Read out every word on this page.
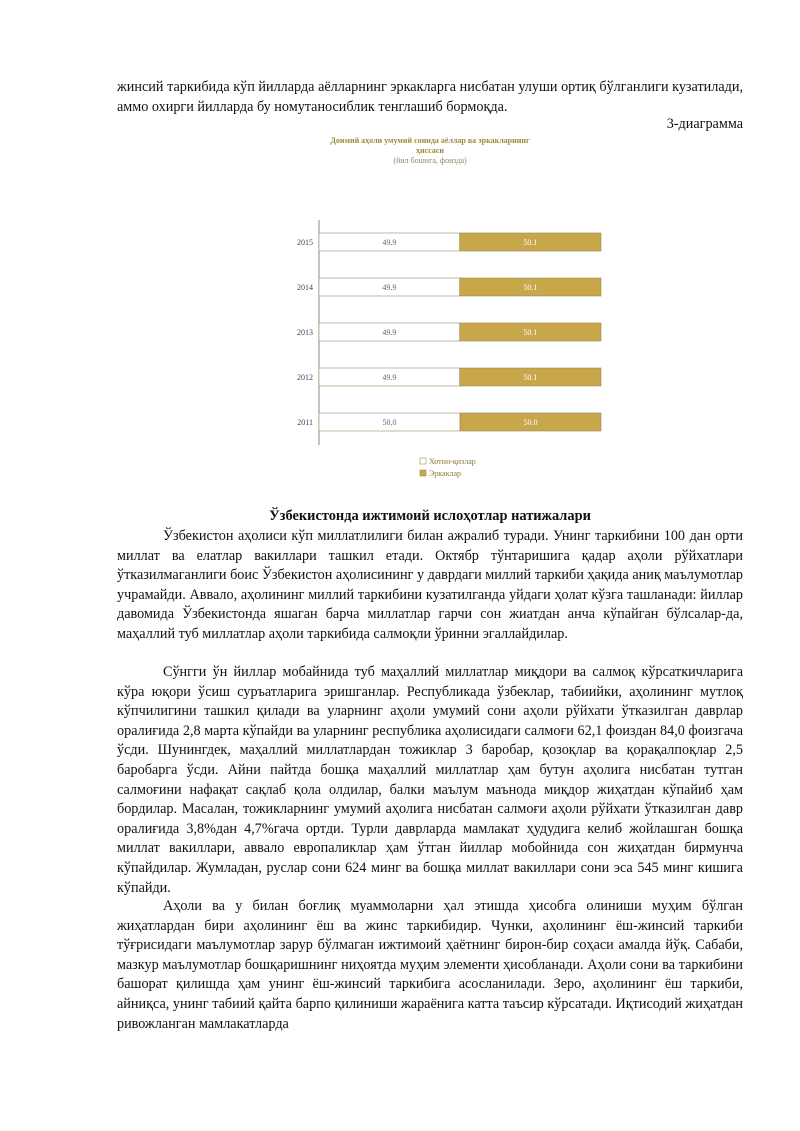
жинсий таркибида кўп йилларда аёлларнинг эркакларга нисбатан улуши ортиқ бўлганлиги кузатилади, аммо охирги йилларда бу номутаносиблик тенглашиб бормоқда.

3-диаграмма
Доимий аҳоли умумий сонида аёллар ва эркакларнинг ҳиссаси
(йил бошига, фоизда)
2015	49.9	50.1
2014	49.9	50.1
2013	49.9	50.1
2012	49.9	50.1
2011	50.0	50.0
Хотин-қизлар
Эркаклар
Ўзбекистонда ижтимоий ислоҳотлар натижалари

Ўзбекистон аҳолиси кўп миллатлилиги билан ажралиб туради. Унинг таркибини 100 дан орти миллат ва елатлар вакиллари ташкил етади. Октябр тўнтаришига қадар аҳоли рўйхатлари ўтказилмаганлиги боис Ўзбекистон аҳолисининг у даврдаги миллий таркиби ҳақида аниқ маълумотлар учрамайди. Аввало, аҳолининг миллий таркибини кузатилганда уйдаги ҳолат кўзга ташланади: йиллар давомида Ўзбекистонда яшаган барча миллатлар гарчи сон жиатдан анча кўпайган бўлсалар-да, маҳаллий туб миллатлар аҳоли таркибида салмоқли ўринни эгаллайдилар.

Сўнгги ўн йиллар мобайнида туб маҳаллий миллатлар миқдори ва салмоқ кўрсаткичларига кўра юқори ўсиш суръатларига эришганлар. Республикада ўзбеклар, табиийки, аҳолининг мутлоқ кўпчилигини ташкил қилади ва уларнинг аҳоли умумий сони аҳоли рўйхати ўтказилган даврлар оралиғида 2,8 марта кўпайди ва уларнинг республика аҳолисидаги салмоғи 62,1 фоиздан 84,0 фоизгача ўсди. Шунингдек, маҳаллий миллатлардан тожиклар 3 баробар, қозоқлар ва қорақалпоқлар 2,5 баробарга ўсди. Айни пайтда бошқа маҳаллий миллатлар ҳам бутун аҳолига нисбатан тутган салмоғини нафақат сақлаб қола олдилар, балки маълум маънода миқдор жиҳатдан кўпайиб ҳам бордилар. Масалан, тожикларнинг умумий аҳолига нисбатан салмоғи аҳоли рўйхати ўтказилган давр оралиғида 3,8%дан 4,7%гача ортди. Турли даврларда мамлакат ҳудудига келиб жойлашган бошқа миллат вакиллари, аввало европаликлар ҳам ўтган йиллар мобойнида сон жиҳатдан бирмунча кўпайдилар. Жумладан, руслар сони 624 минг ва бошқа миллат вакиллари сони эса 545 минг кишига кўпайди.

Аҳоли ва у билан боғлиқ муаммоларни ҳал этишда ҳисобга олиниши муҳим бўлган жиҳатлардан бири аҳолининг ёш ва жинс таркибидир. Чунки, аҳолининг ёш-жинсий таркиби тўғрисидаги маълумотлар зарур бўлмаган ижтимоий ҳаётнинг бирон-бир соҳаси амалда йўқ. Сабаби, мазкур маълумотлар бошқаришнинг ниҳоятда муҳим элементи ҳисобланади. Аҳоли сони ва таркибини башорат қилишда ҳам унинг ёш-жинсий таркибига асосланилади. Зеро, аҳолининг ёш таркиби, айниқса, унинг табиий қайта барпо қилиниши жараёнига катта таъсир кўрсатади. Иқтисодий жиҳатдан ривожланган мамлакатларда
